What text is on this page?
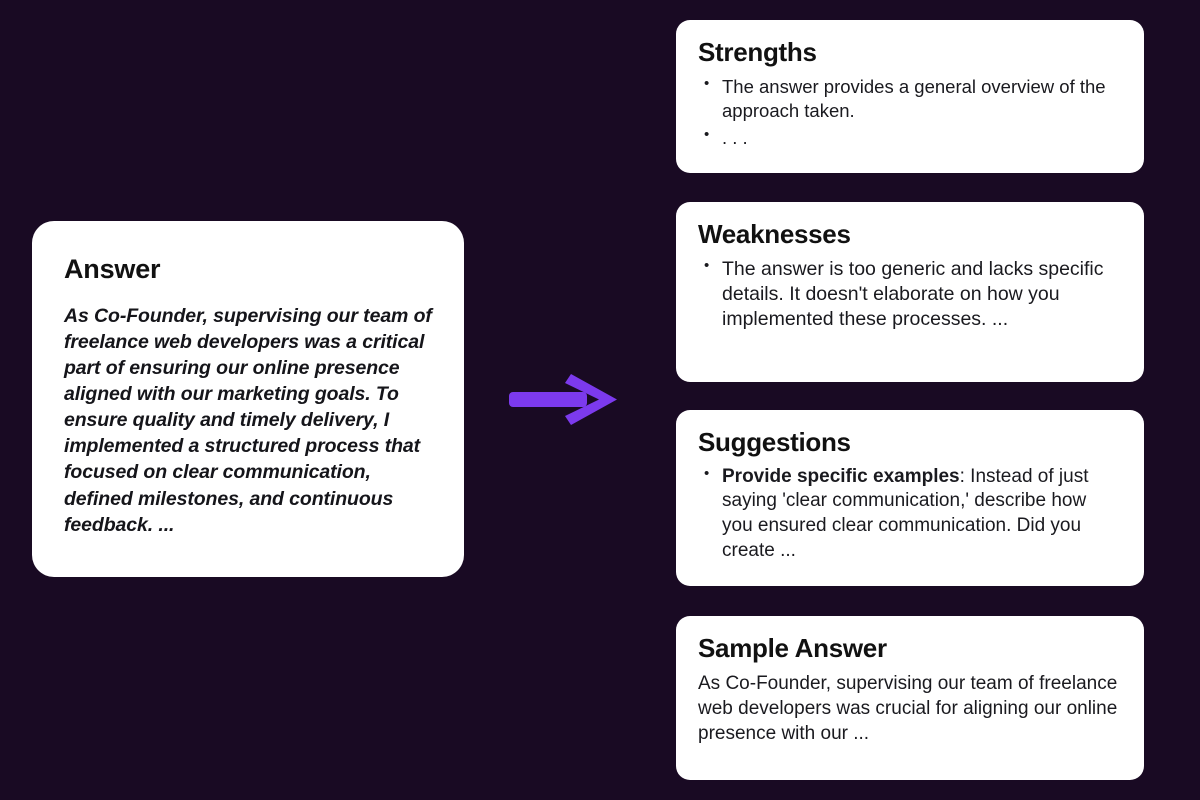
Answer

As Co-Founder, supervising our team of freelance web developers was a critical part of ensuring our online presence aligned with our marketing goals. To ensure quality and timely delivery, I implemented a structured process that focused on clear communication, defined milestones, and continuous feedback. ...

Strengths
• The answer provides a general overview of the approach taken.
• . . .
Weaknesses
• The answer is too generic and lacks specific details. It doesn't elaborate on how you implemented these processes. ...
Suggestions
• Provide specific examples: Instead of just saying 'clear communication,' describe how you ensured clear communication. Did you create ...
Sample Answer

As Co-Founder, supervising our team of freelance web developers was crucial for aligning our online presence with our ...
